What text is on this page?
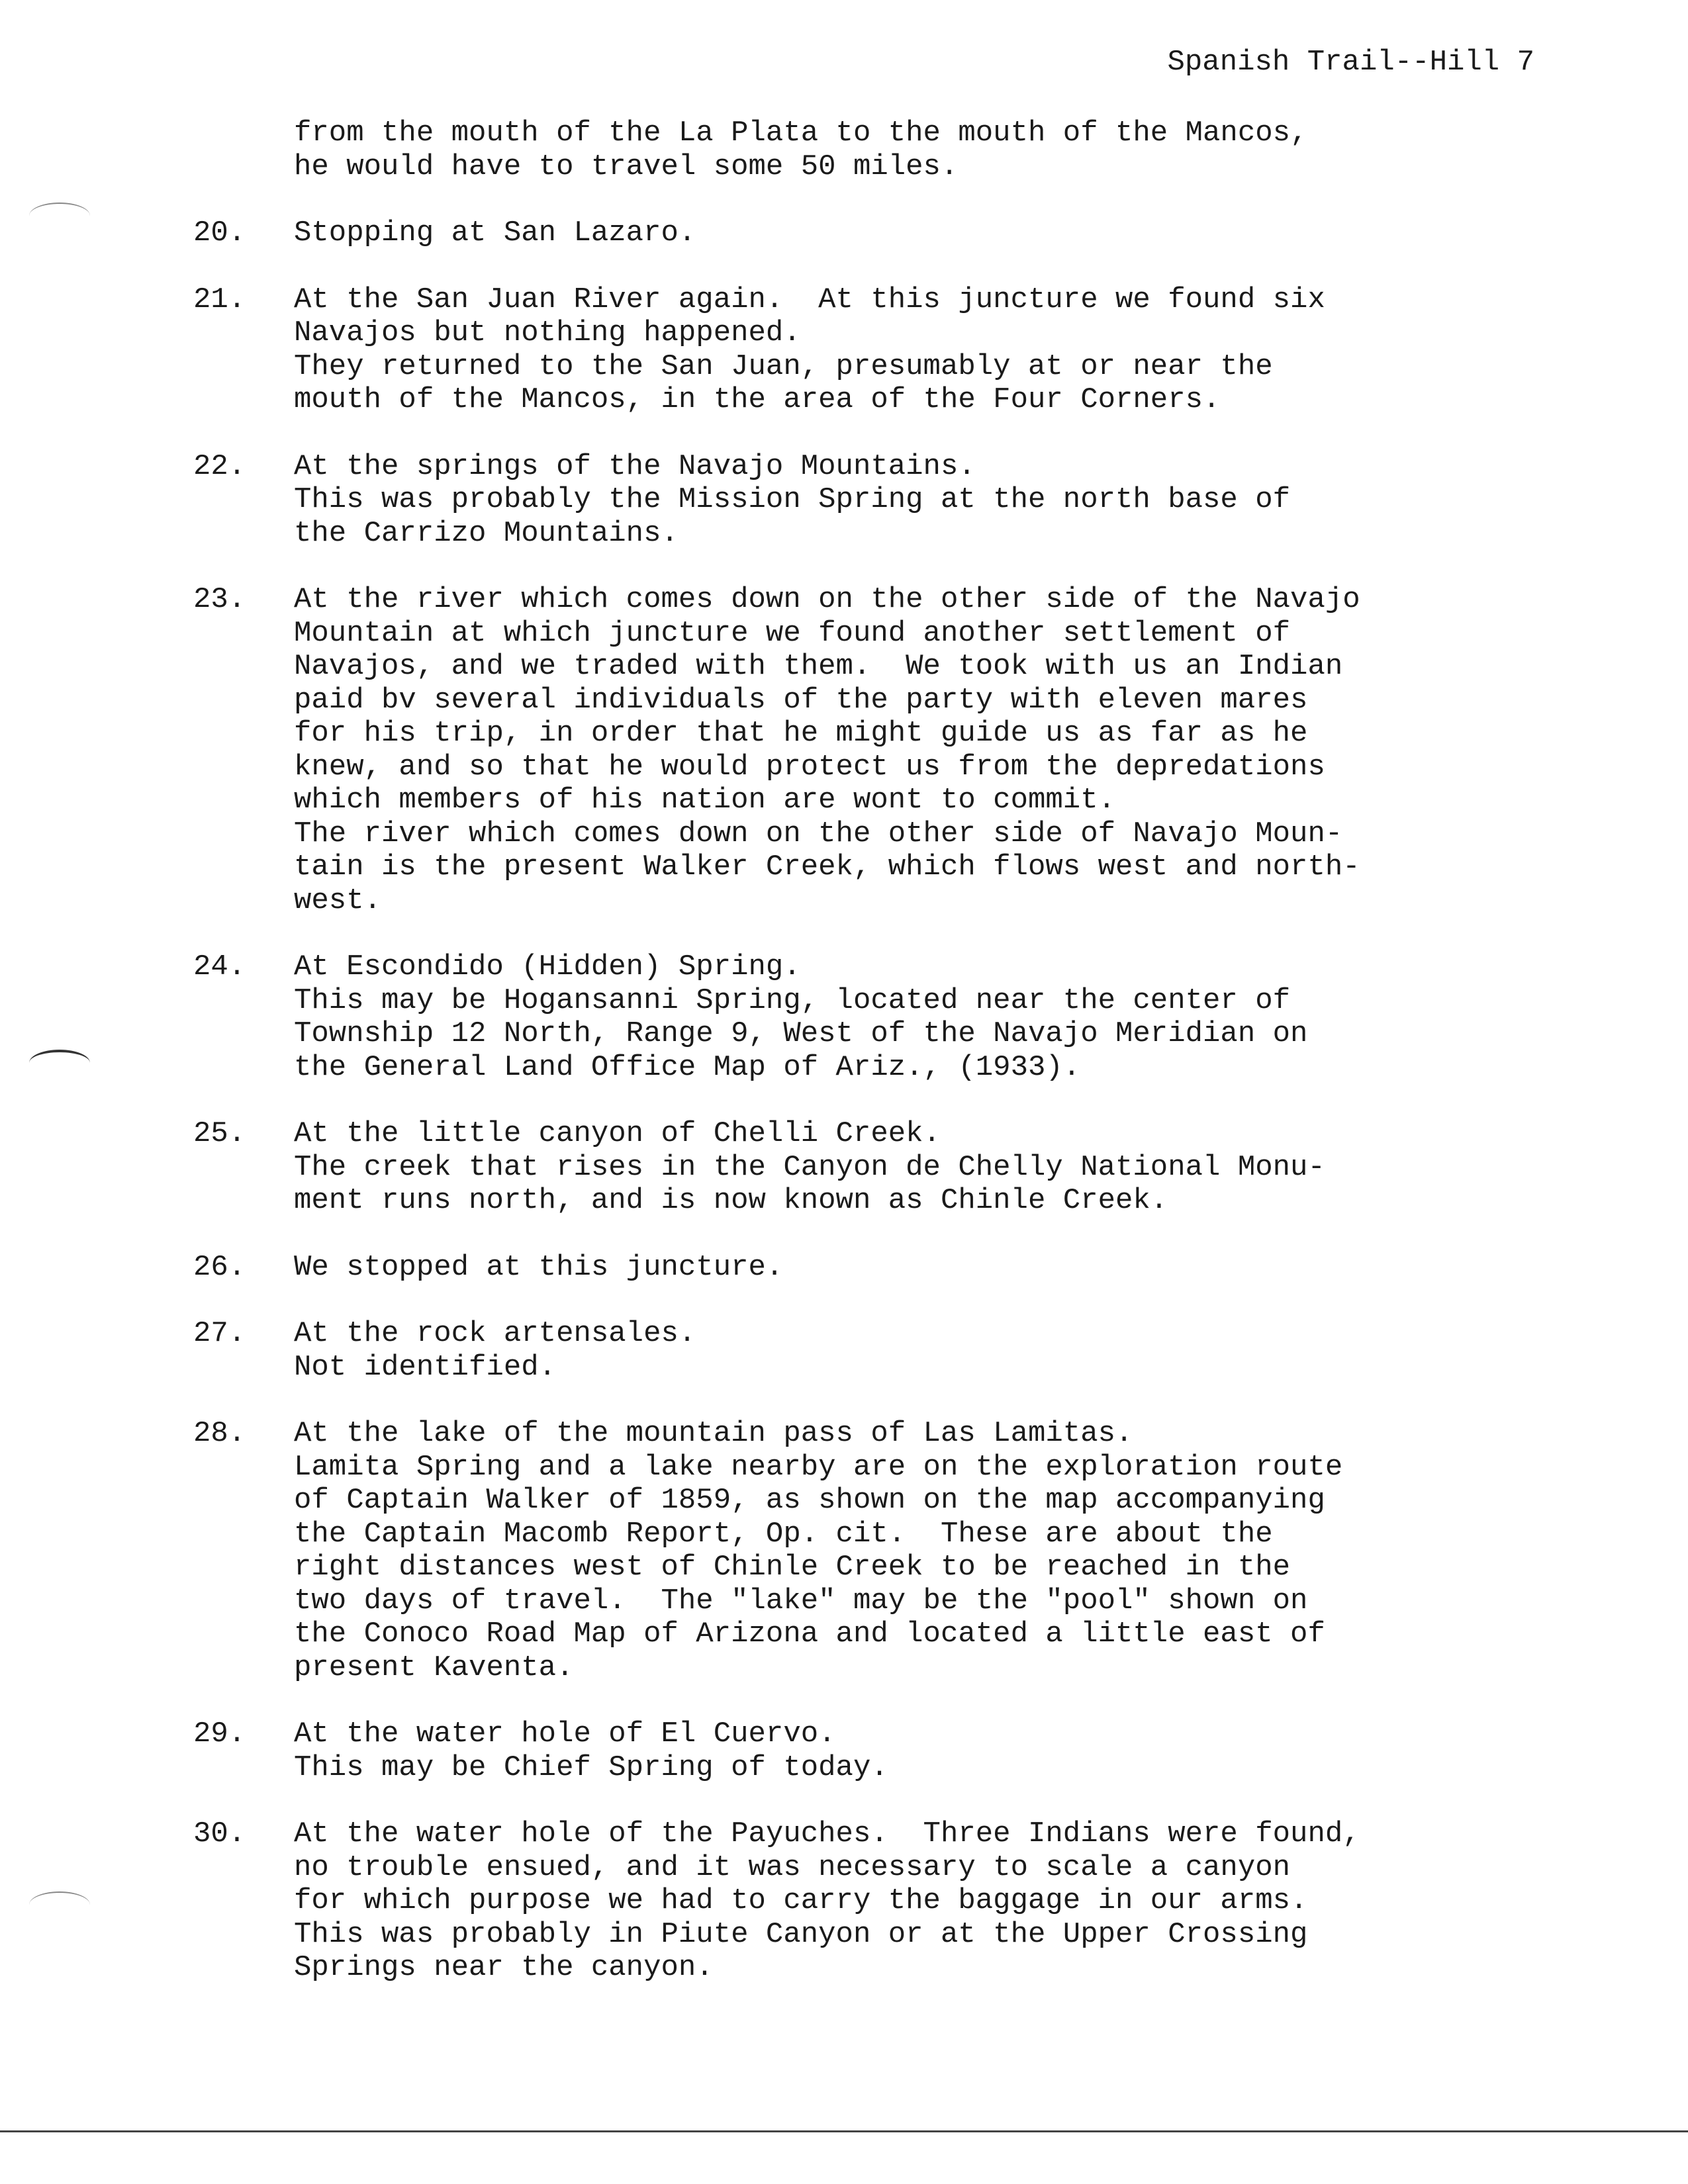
Spanish Trail--Hill 7
from the mouth of the La Plata to the mouth of the Mancos,
he would have to travel some 50 miles.
20.	Stopping at San Lazaro.
21.	At the San Juan River again.  At this juncture we found six
Navajos but nothing happened.
They returned to the San Juan, presumably at or near the
mouth of the Mancos, in the area of the Four Corners.
22.	At the springs of the Navajo Mountains.
This was probably the Mission Spring at the north base of
the Carrizo Mountains.
23.	At the river which comes down on the other side of the Navajo
Mountain at which juncture we found another settlement of
Navajos, and we traded with them.  We took with us an Indian
paid bv several individuals of the party with eleven mares
for his trip, in order that he might guide us as far as he
knew, and so that he would protect us from the depredations
which members of his nation are wont to commit.
The river which comes down on the other side of Navajo Moun-
tain is the present Walker Creek, which flows west and north-
west.
24.	At Escondido (Hidden) Spring.
This may be Hogansanni Spring, located near the center of
Township 12 North, Range 9, West of the Navajo Meridian on
the General Land Office Map of Ariz., (1933).
25.	At the little canyon of Chelli Creek.
The creek that rises in the Canyon de Chelly National Monu-
ment runs north, and is now known as Chinle Creek.
26.	We stopped at this juncture.
27.	At the rock artensales.
Not identified.
28.	At the lake of the mountain pass of Las Lamitas.
Lamita Spring and a lake nearby are on the exploration route
of Captain Walker of 1859, as shown on the map accompanying
the Captain Macomb Report, Op. cit.  These are about the
right distances west of Chinle Creek to be reached in the
two days of travel.  The "lake" may be the "pool" shown on
the Conoco Road Map of Arizona and located a little east of
present Kaventa.
29.	At the water hole of El Cuervo.
This may be Chief Spring of today.
30.	At the water hole of the Payuches.  Three Indians were found,
no trouble ensued, and it was necessary to scale a canyon
for which purpose we had to carry the baggage in our arms.
This was probably in Piute Canyon or at the Upper Crossing
Springs near the canyon.
